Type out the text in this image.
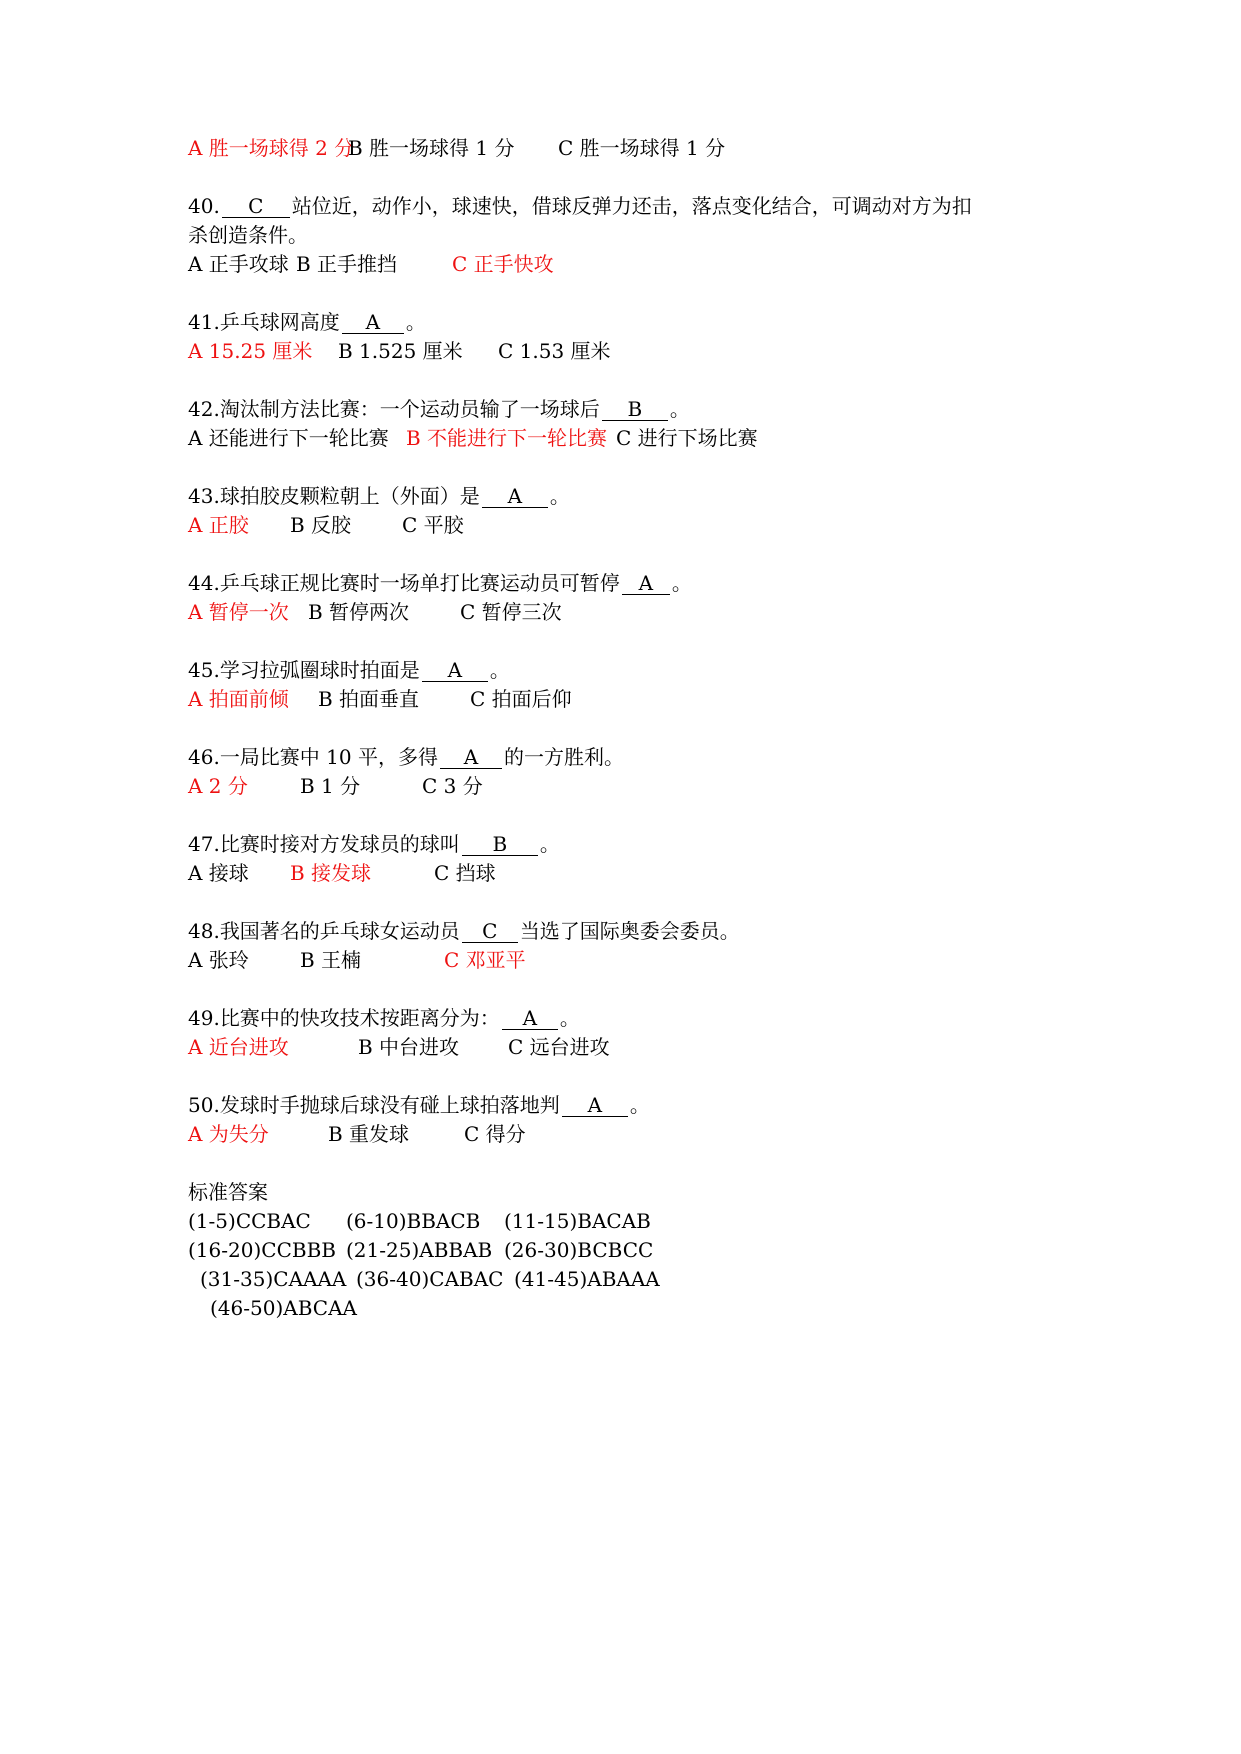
A 胜一场球得 2 分
B 胜一场球得 1 分 C 胜一场球得 1 分
40. C 站位近，动作小，球速快，借球反弹力还击，落点变化结合，可调动对方为扣
杀创造条件。
A 正手攻球 B 正手推挡	C 正手快攻
41.乒乓球网高度 A 。
A 15.25 厘米 B 1.525 厘米 C 1.53 厘米
42.淘汰制方法比赛：一个运动员输了一场球后 B 。
A 还能进行下一轮比赛 B 不能进行下一轮比赛 C 进行下场比赛
43.球拍胶皮颗粒朝上（外面）是 A 。
A 正胶 B 反胶	C 平胶
44.乒乓球正规比赛时一场单打比赛运动员可暂停 A 。
A 暂停一次 B 暂停两次	C 暂停三次
45.学习拉弧圈球时拍面是 A 。
A 拍面前倾 B 拍面垂直	C 拍面后仰
46.一局比赛中 10 平，多得 A 的一方胜利。
A 2 分	B 1 分	C 3 分
47.比赛时接对方发球员的球叫 B 。
A 接球 B 接发球	C 挡球
48.我国著名的乒乓球女运动员 C 当选了国际奥委会委员。
A 张玲	B 王楠	C 邓亚平
49.比赛中的快攻技术按距离分为： A 。
A 近台进攻	B 中台进攻 C 远台进攻
50.发球时手抛球后球没有碰上球拍落地判 A 。
A 为失分	B 重发球	C 得分
标准答案
(1-5)CCBAC (6-10)BBACB (11-15)BACAB
(16-20)CCBBB (21-25)ABBAB (26-30)BCBCC
(31-35)CAAAA (36-40)CABAC (41-45)ABAAA
(46-50)ABCAA
